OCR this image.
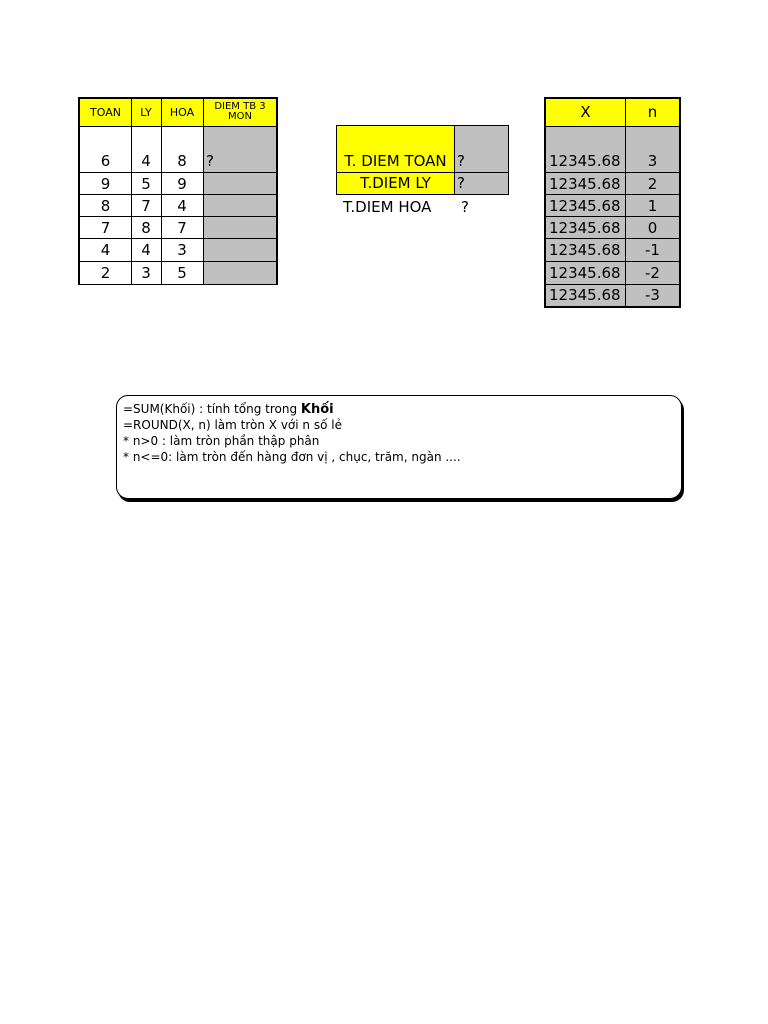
TOAN	LY	HOA	DIEM TB 3 MON
6	4	8	?
9	5	9
8	7	4
7	8	7
4	4	3
2	3	5
T. DIEM TOAN ?
T.DIEM LY	?
T.DIEM HOA	?
X	n
12345.68	3
12345.68	2
12345.68	1
12345.68	0
12345.68	-1
12345.68	-2
12345.68	-3
=SUM(Khối) : tính tổng trong Khối
=ROUND(X, n) làm tròn X với n số lẻ
* n>0 : làm tròn phần thập phân
* n<=0: làm tròn đến hàng đơn vị , chục, trăm, ngàn ....
